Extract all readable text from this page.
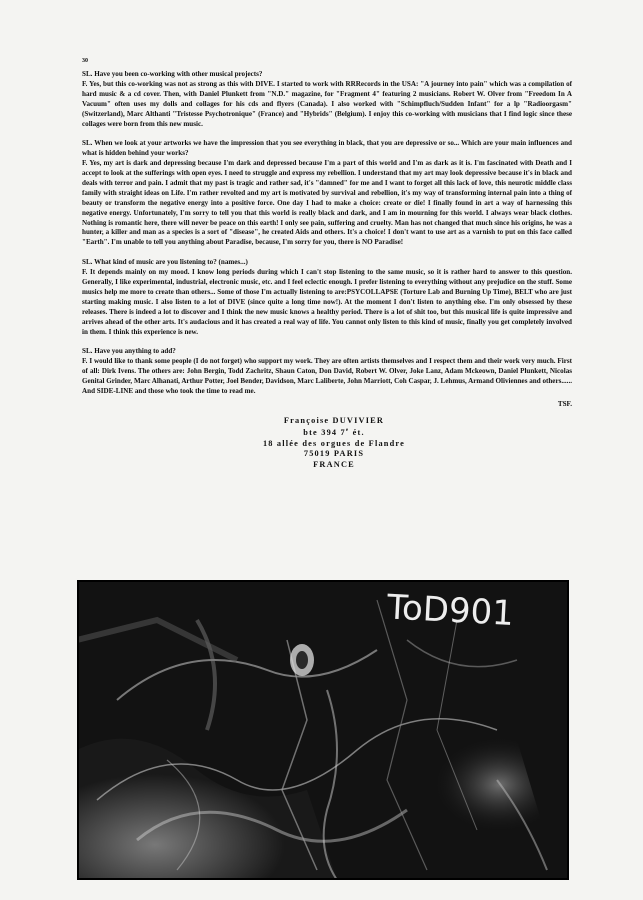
30

SL. Have you been co-working with other musical projects?

F. Yes, but this co-working was not as strong as this with DIVE. I started to work with RRRecords in the USA: "A journey into pain" which was a compilation of hard music & a cd cover. Then, with Daniel Plunkett from "N.D." magazine, for "Fragment 4" featuring 2 musicians. Robert W. Olver from "Freedom In A Vacuum" often uses my dolls and collages for his cds and flyers (Canada). I also worked with "Schimpfluch/Sudden Infant" for a lp "Radioorgasm" (Switzerland), Marc Althanti "Tristesse Psychotronique" (France) and "Hybrids" (Belgium). I enjoy this co-working with musicians that I find logic since these collages were born from this new music.

SL. When we look at your artworks we have the impression that you see everything in black, that you are depressive or so... Which are your main influences and what is hidden behind your works?

F. Yes, my art is dark and depressing because I'm dark and depressed because I'm a part of this world and I'm as dark as it is. I'm fascinated with Death and I accept to look at the sufferings with open eyes. I need to struggle and express my rebellion. I understand that my art may look depressive because it's in black and deals with terror and pain. I admit that my past is tragic and rather sad, it's "damned" for me and I want to forget all this lack of love, this neurotic middle class family with straight ideas on Life. I'm rather revolted and my art is motivated by survival and rebellion, it's my way of transforming internal pain into a thing of beauty or transform the negative energy into a positive force. One day I had to make a choice: create or die! I finally found in art a way of harnessing this negative energy. Unfortunately, I'm sorry to tell you that this world is really black and dark, and I am in mourning for this world. I always wear black clothes. Nothing is romantic here, there will never be peace on this earth! I only see pain, suffering and cruelty. Man has not changed that much since his origins, he was a hunter, a killer and man as a species is a sort of "disease", he created Aids and others. It's a choice! I don't want to use art as a varnish to put on this face called "Earth". I'm unable to tell you anything about Paradise, because, I'm sorry for you, there is NO Paradise!

SL. What kind of music are you listening to? (names...)

F. It depends mainly on my mood. I know long periods during which I can't stop listening to the same music, so it is rather hard to answer to this question. Generally, I like experimental, industrial, electronic music, etc. and I feel eclectic enough. I prefer listening to everything without any prejudice on the stuff. Some musics help me more to create than others... Some of those I'm actually listening to are:PSYCOLLAPSE (Torture Lab and Burning Up Time), BELT who are just starting making music. I also listen to a lot of DIVE (since quite a long time now!). At the moment I don't listen to anything else. I'm only obsessed by these releases. There is indeed a lot to discover and I think the new music knows a healthy period. There is a lot of shit too, but this musical life is quite impressive and arrives ahead of the other arts. It's audacious and it has created a real way of life. You cannot only listen to this kind of music, finally you get completely involved in them. I think this experience is new.

SL. Have you anything to add?

F. I would like to thank some people (I do not forget) who support my work. They are often artists themselves and I respect them and their work very much. First of all: Dirk Ivens. The others are: John Bergin, Todd Zachritz, Shaun Caton, Don David, Robert W. Olver, Joke Lanz, Adam Mckeown, Daniel Plunkett, Nicolas Genital Grinder, Marc Alhanati, Arthur Potter, Joel Bender, Davidson, Marc Laliberte, John Marriott, Coh Caspar, J. Lehmus, Armand Oliviennes and others...... And SIDE-LINE and those who took the time to read me.

TSF.

Françoise DUVIVIER
bte 394 7e ét.
18 allée des orgues de Flandre
75019 PARIS
FRANCE
ToD901
